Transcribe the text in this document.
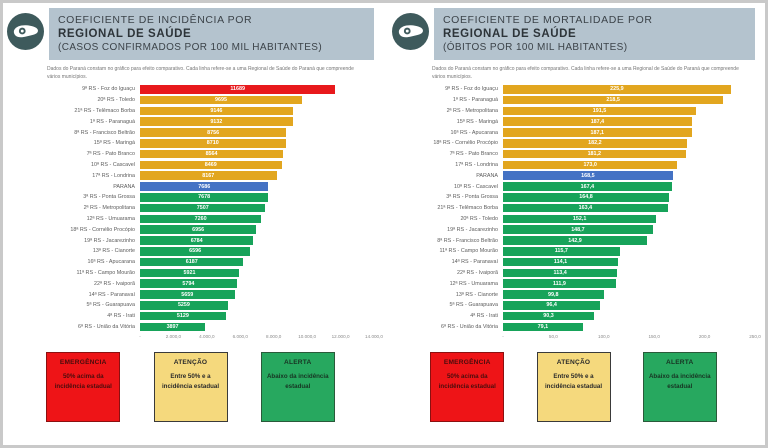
COEFICIENTE DE INCIDÊNCIA POR
REGIONAL DE SAÚDE
(CASOS CONFIRMADOS POR 100 MIL HABITANTES)
Dados do Paraná constam no gráfico para efeito comparativo. Cada linha refere-se a uma Regional de Saúde do Paraná que compreende vários municípios.
9ª RS - Foz do Iguaçu	11689
20ª RS - Toledo	9695
21ª RS - Telêmaco Borba	9146
1ª RS - Paranaguá	9132
8ª RS - Francisco Beltrão	8756
15ª RS - Maringá	8710
7ª RS - Pato Branco	8564
10ª RS - Cascavel	8469
17ª RS - Londrina	8167
PARANÁ	7686
3ª RS - Ponta Grossa	7678
2ª RS - Metropolitana	7507
12ª RS - Umuarama	7260
18ª RS - Cornélio Procópio	6956
19ª RS - Jacarezinho	6784
13ª RS - Cianorte	6596
16ª RS - Apucarana	6187
11ª RS - Campo Mourão	5921
22ª RS - Ivaiporã	5794
14ª RS - Paranavaí	5659
5ª RS - Guarapuava	5259
4ª RS - Irati	5129
6ª RS - União da Vitória	3897
-	2.000,0	4.000,0	6.000,0	8.000,0	10.000,0	12.000,0	14.000,0
EMERGÊNCIA
50% acima da incidência estadual
ATENÇÃO
Entre 50% e a incidência estadual
ALERTA
Abaixo da incidência estadual
COEFICIENTE DE MORTALIDADE POR
REGIONAL DE SAÚDE
(ÓBITOS POR 100 MIL HABITANTES)
Dados do Paraná constam no gráfico para efeito comparativo. Cada linha refere-se a uma Regional de Saúde do Paraná que compreende vários municípios.
9ª RS - Foz do Iguaçu	225,9
1ª RS - Paranaguá	218,5
2ª RS - Metropolitana	191,5
15ª RS - Maringá	187,4
16ª RS - Apucarana	187,1
18ª RS - Cornélio Procópio	182,2
7ª RS - Pato Branco	181,2
17ª RS - Londrina	173,0
PARANÁ	168,5
10ª RS - Cascavel	167,4
3ª RS - Ponta Grossa	164,8
21ª RS - Telêmaco Borba	163,4
20ª RS - Toledo	152,1
19ª RS - Jacarezinho	148,7
8ª RS - Francisco Beltrão	142,9
11ª RS - Campo Mourão	115,7
14ª RS - Paranavaí	114,1
22ª RS - Ivaiporã	113,4
12ª RS - Umuarama	111,9
13ª RS - Cianorte	99,8
5ª RS - Guarapuava	96,4
4ª RS - Irati	90,3
6ª RS - União da Vitória	79,1
-	50,0	100,0	150,0	200,0	250,0
EMERGÊNCIA
50% acima da incidência estadual
ATENÇÃO
Entre 50% e a incidência estadual
ALERTA
Abaixo da incidência estadual
